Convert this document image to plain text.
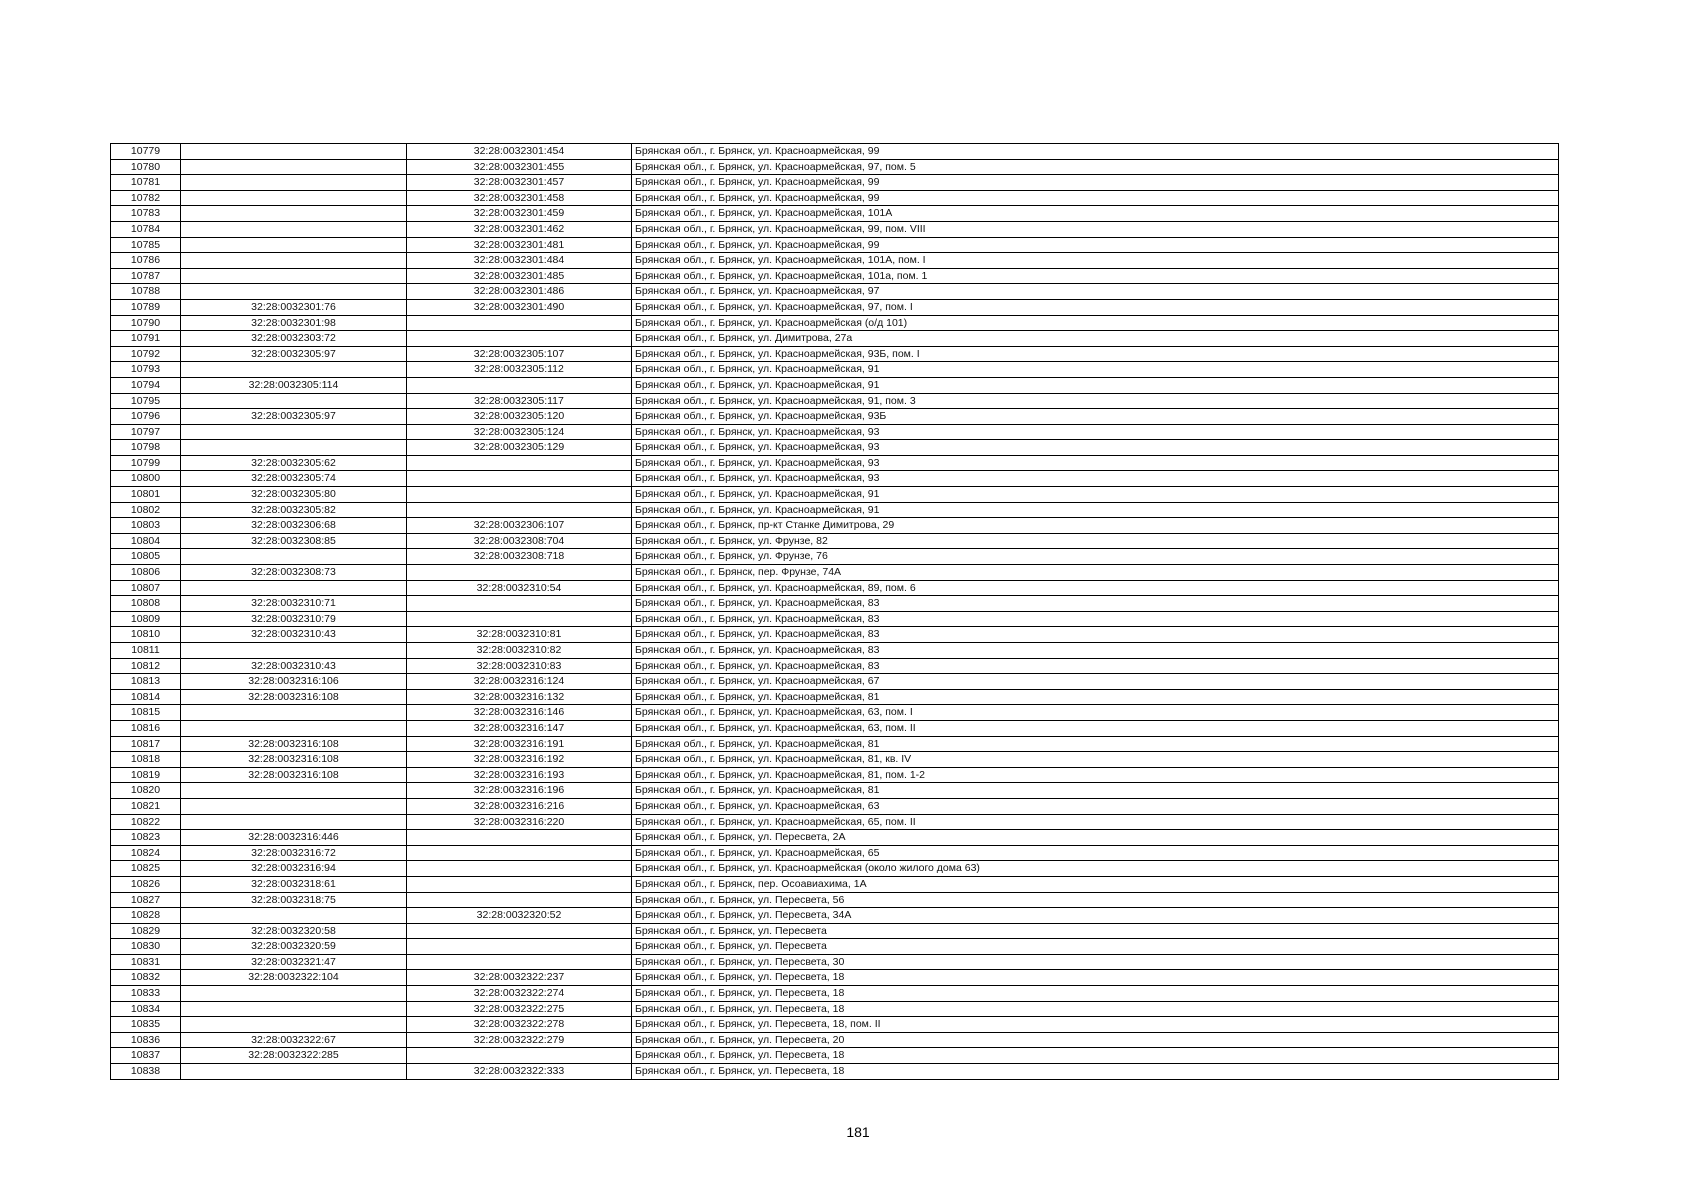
10779		32:28:0032301:454	Брянская обл., г. Брянск, ул. Красноармейская, 99
10780		32:28:0032301:455	Брянская обл., г. Брянск, ул. Красноармейская, 97, пом. 5
10781		32:28:0032301:457	Брянская обл., г. Брянск, ул. Красноармейская, 99
10782		32:28:0032301:458	Брянская обл., г. Брянск, ул. Красноармейская, 99
10783		32:28:0032301:459	Брянская обл., г. Брянск, ул. Красноармейская, 101А
10784		32:28:0032301:462	Брянская обл., г. Брянск, ул. Красноармейская, 99, пом. VIII
10785		32:28:0032301:481	Брянская обл., г. Брянск, ул. Красноармейская, 99
10786		32:28:0032301:484	Брянская обл., г. Брянск, ул. Красноармейская, 101А, пом. I
10787		32:28:0032301:485	Брянская обл., г. Брянск, ул. Красноармейская, 101а, пом. 1
10788		32:28:0032301:486	Брянская обл., г. Брянск, ул. Красноармейская, 97
10789	32:28:0032301:76	32:28:0032301:490	Брянская обл., г. Брянск, ул. Красноармейская, 97, пом. I
10790	32:28:0032301:98		Брянская обл., г. Брянск, ул. Красноармейская (о/д 101)
10791	32:28:0032303:72		Брянская обл., г. Брянск, ул. Димитрова, 27а
10792	32:28:0032305:97	32:28:0032305:107	Брянская обл., г. Брянск, ул. Красноармейская, 93Б, пом. I
10793		32:28:0032305:112	Брянская обл., г. Брянск, ул. Красноармейская, 91
10794	32:28:0032305:114		Брянская обл., г. Брянск, ул. Красноармейская, 91
10795		32:28:0032305:117	Брянская обл., г. Брянск, ул. Красноармейская, 91, пом. 3
10796	32:28:0032305:97	32:28:0032305:120	Брянская обл., г. Брянск, ул. Красноармейская, 93Б
10797		32:28:0032305:124	Брянская обл., г. Брянск, ул. Красноармейская, 93
10798		32:28:0032305:129	Брянская обл., г. Брянск, ул. Красноармейская, 93
10799	32:28:0032305:62		Брянская обл., г. Брянск, ул. Красноармейская, 93
10800	32:28:0032305:74		Брянская обл., г. Брянск, ул. Красноармейская, 93
10801	32:28:0032305:80		Брянская обл., г. Брянск, ул. Красноармейская, 91
10802	32:28:0032305:82		Брянская обл., г. Брянск, ул. Красноармейская, 91
10803	32:28:0032306:68	32:28:0032306:107	Брянская обл., г. Брянск, пр-кт Станке Димитрова, 29
10804	32:28:0032308:85	32:28:0032308:704	Брянская обл., г. Брянск, ул. Фрунзе, 82
10805		32:28:0032308:718	Брянская обл., г. Брянск, ул. Фрунзе, 76
10806	32:28:0032308:73		Брянская обл., г. Брянск, пер. Фрунзе, 74А
10807		32:28:0032310:54	Брянская обл., г. Брянск, ул. Красноармейская, 89, пом. 6
10808	32:28:0032310:71		Брянская обл., г. Брянск, ул. Красноармейская, 83
10809	32:28:0032310:79		Брянская обл., г. Брянск, ул. Красноармейская, 83
10810	32:28:0032310:43	32:28:0032310:81	Брянская обл., г. Брянск, ул. Красноармейская, 83
10811		32:28:0032310:82	Брянская обл., г. Брянск, ул. Красноармейская, 83
10812	32:28:0032310:43	32:28:0032310:83	Брянская обл., г. Брянск, ул. Красноармейская, 83
10813	32:28:0032316:106	32:28:0032316:124	Брянская обл., г. Брянск, ул. Красноармейская, 67
10814	32:28:0032316:108	32:28:0032316:132	Брянская обл., г. Брянск, ул. Красноармейская, 81
10815		32:28:0032316:146	Брянская обл., г. Брянск, ул. Красноармейская, 63, пом. I
10816		32:28:0032316:147	Брянская обл., г. Брянск, ул. Красноармейская, 63, пом. II
10817	32:28:0032316:108	32:28:0032316:191	Брянская обл., г. Брянск, ул. Красноармейская, 81
10818	32:28:0032316:108	32:28:0032316:192	Брянская обл., г. Брянск, ул. Красноармейская, 81, кв. IV
10819	32:28:0032316:108	32:28:0032316:193	Брянская обл., г. Брянск, ул. Красноармейская, 81, пом. 1-2
10820		32:28:0032316:196	Брянская обл., г. Брянск, ул. Красноармейская, 81
10821		32:28:0032316:216	Брянская обл., г. Брянск, ул. Красноармейская, 63
10822		32:28:0032316:220	Брянская обл., г. Брянск, ул. Красноармейская, 65, пом. II
10823	32:28:0032316:446		Брянская обл., г. Брянск, ул. Пересвета, 2А
10824	32:28:0032316:72		Брянская обл., г. Брянск, ул. Красноармейская, 65
10825	32:28:0032316:94		Брянская обл., г. Брянск, ул. Красноармейская (около жилого дома 63)
10826	32:28:0032318:61		Брянская обл., г. Брянск, пер. Осоавиахима, 1А
10827	32:28:0032318:75		Брянская обл., г. Брянск, ул. Пересвета, 56
10828		32:28:0032320:52	Брянская обл., г. Брянск, ул. Пересвета, 34А
10829	32:28:0032320:58		Брянская обл., г. Брянск, ул. Пересвета
10830	32:28:0032320:59		Брянская обл., г. Брянск, ул. Пересвета
10831	32:28:0032321:47		Брянская обл., г. Брянск, ул. Пересвета, 30
10832	32:28:0032322:104	32:28:0032322:237	Брянская обл., г. Брянск, ул. Пересвета, 18
10833		32:28:0032322:274	Брянская обл., г. Брянск, ул. Пересвета, 18
10834		32:28:0032322:275	Брянская обл., г. Брянск, ул. Пересвета, 18
10835		32:28:0032322:278	Брянская обл., г. Брянск, ул. Пересвета, 18, пом. II
10836	32:28:0032322:67	32:28:0032322:279	Брянская обл., г. Брянск, ул. Пересвета, 20
10837	32:28:0032322:285		Брянская обл., г. Брянск, ул. Пересвета, 18
10838		32:28:0032322:333	Брянская обл., г. Брянск, ул. Пересвета, 18
181
